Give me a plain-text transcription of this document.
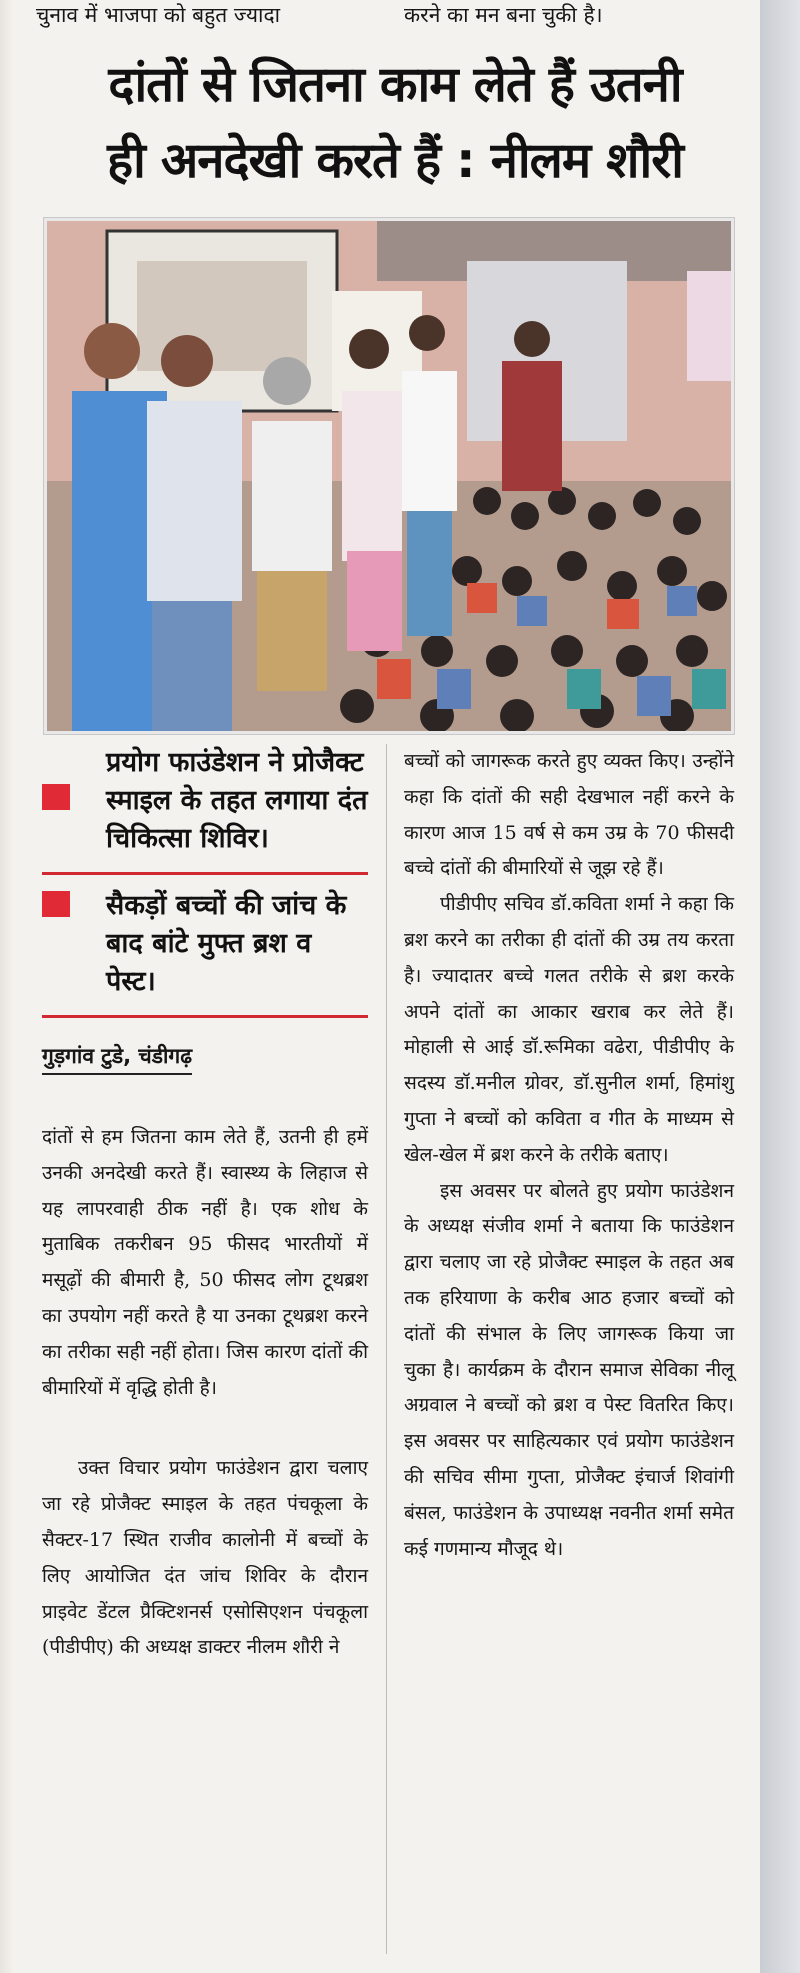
चुनाव में भाजपा को बहुत ज्यादा	करने का मन बना चुकी है।
दांतों से जितना काम लेते हैं उतनी
ही अनदेखी करते हैं : नीलम शौरी
प्रयोग फाउंडेशन ने प्रोजैक्ट स्माइल के तहत लगाया दंत चिकित्सा शिविर।
सैकड़ों बच्चों की जांच के बाद बांटे मुफ्त ब्रश व पेस्ट।
गुड़गांव टुडे, चंडीगढ़

दांतों से हम जितना काम लेते हैं, उतनी ही हमें उनकी अनदेखी करते हैं। स्वास्थ्य के लिहाज से यह लापरवाही ठीक नहीं है। एक शोध के मुताबिक तकरीबन 95 फीसद भारतीयों में मसूढ़ों की बीमारी है, 50 फीसद लोग टूथब्रश का उपयोग नहीं करते है या उनका टूथब्रश करने का तरीका सही नहीं होता। जिस कारण दांतों की बीमारियों में वृद्धि होती है।

उक्त विचार प्रयोग फाउंडेशन द्वारा चलाए जा रहे प्रोजैक्ट स्माइल के तहत पंचकूला के सैक्टर-17 स्थित राजीव कालोनी में बच्चों के लिए आयोजित दंत जांच शिविर के दौरान प्राइवेट डेंटल प्रैक्टिशनर्स एसोसिएशन पंचकूला (पीडीपीए) की अध्यक्ष डाक्टर नीलम शौरी ने

बच्चों को जागरूक करते हुए व्यक्त किए। उन्होंने कहा कि दांतों की सही देखभाल नहीं करने के कारण आज 15 वर्ष से कम उम्र के 70 फीसदी बच्चे दांतों की बीमारियों से जूझ रहे हैं।

पीडीपीए सचिव डॉ.कविता शर्मा ने कहा कि ब्रश करने का तरीका ही दांतों की उम्र तय करता है। ज्यादातर बच्चे गलत तरीके से ब्रश करके अपने दांतों का आकार खराब कर लेते हैं। मोहाली से आई डॉ.रूमिका वढेरा, पीडीपीए के सदस्य डॉ.मनील ग्रोवर, डॉ.सुनील शर्मा, हिमांशु गुप्ता ने बच्चों को कविता व गीत के माध्यम से खेल-खेल में ब्रश करने के तरीके बताए।

इस अवसर पर बोलते हुए प्रयोग फाउंडेशन के अध्यक्ष संजीव शर्मा ने बताया कि फाउंडेशन द्वारा चलाए जा रहे प्रोजैक्ट स्माइल के तहत अब तक हरियाणा के करीब आठ हजार बच्चों को दांतों की संभाल के लिए जागरूक किया जा चुका है। कार्यक्रम के दौरान समाज सेविका नीलू अग्रवाल ने बच्चों को ब्रश व पेस्ट वितरित किए। इस अवसर पर साहित्यकार एवं प्रयोग फाउंडेशन की सचिव सीमा गुप्ता, प्रोजैक्ट इंचार्ज शिवांगी बंसल, फाउंडेशन के उपाध्यक्ष नवनीत शर्मा समेत कई गणमान्य मौजूद थे।
